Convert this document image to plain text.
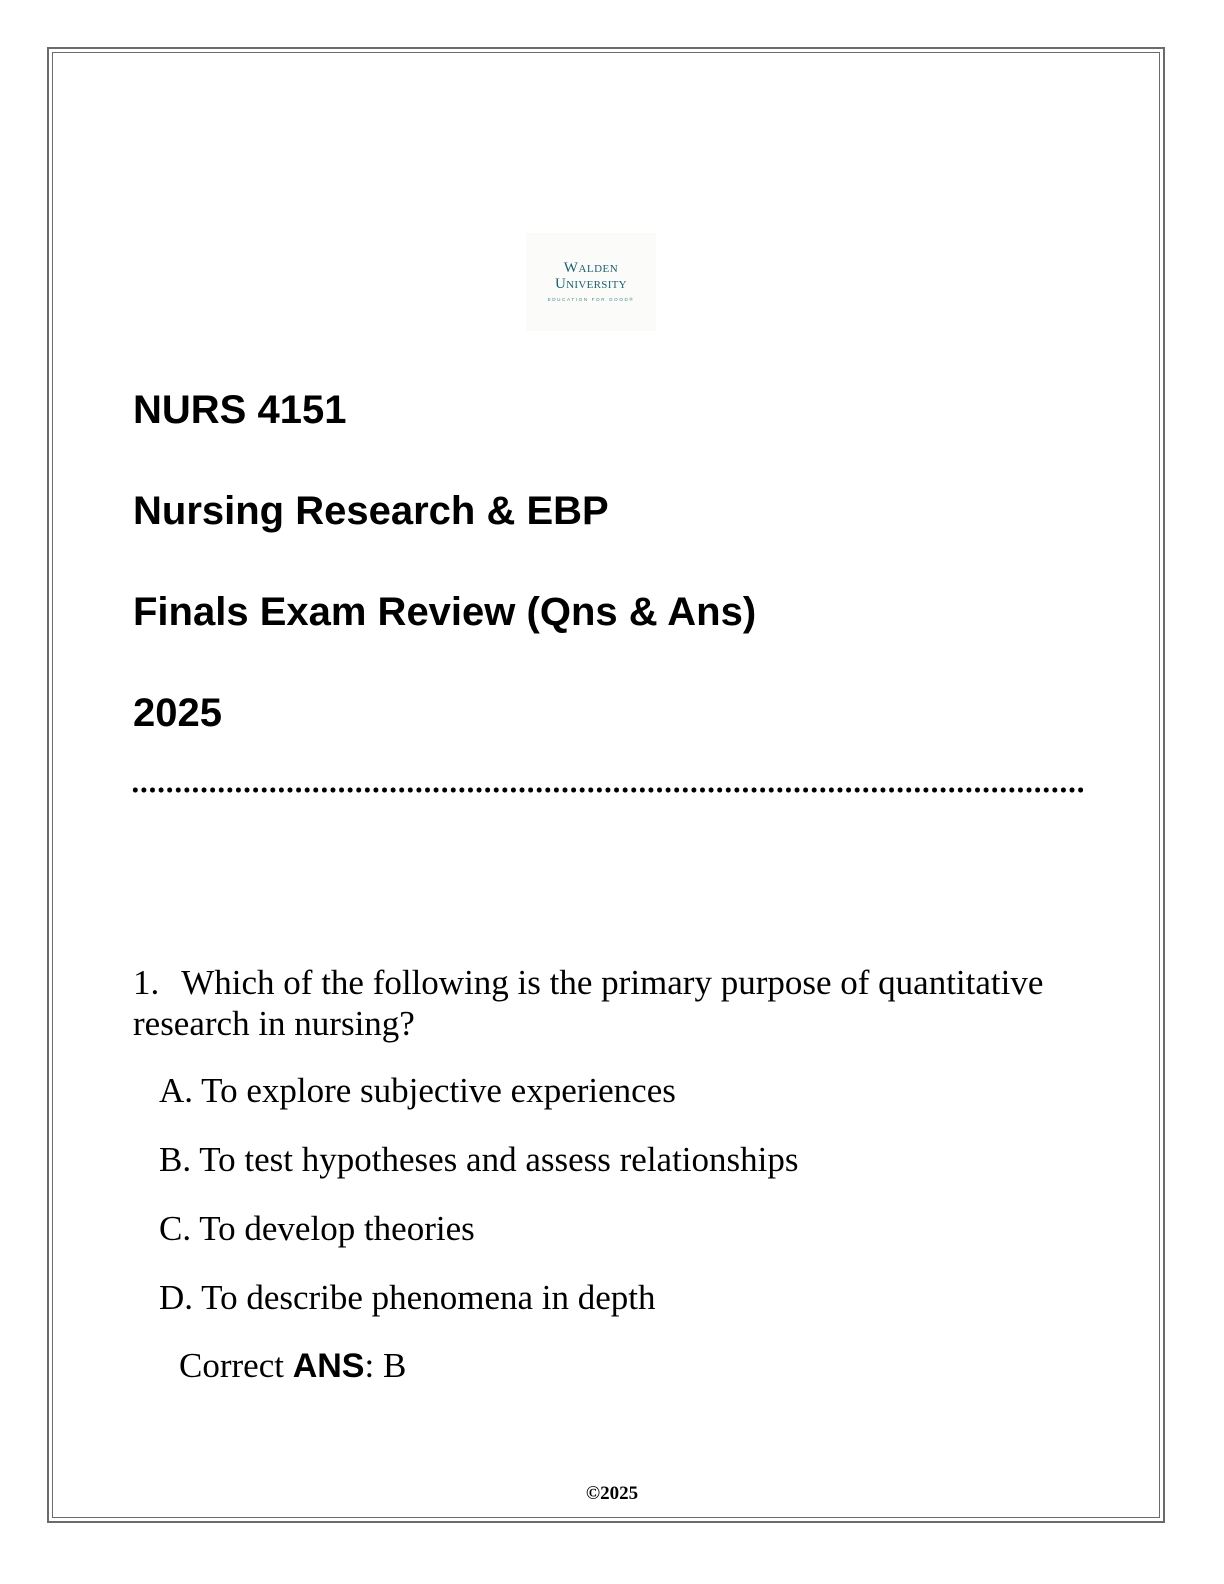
Walden
University
EDUCATION FOR GOOD®
NURS 4151
Nursing Research & EBP
Finals Exam Review (Qns & Ans)
2025
1. Which of the following is the primary purpose of quantitative research in nursing?
A. To explore subjective experiences
B. To test hypotheses and assess relationships
C. To develop theories
D. To describe phenomena in depth
Correct ANS: B
©2025
